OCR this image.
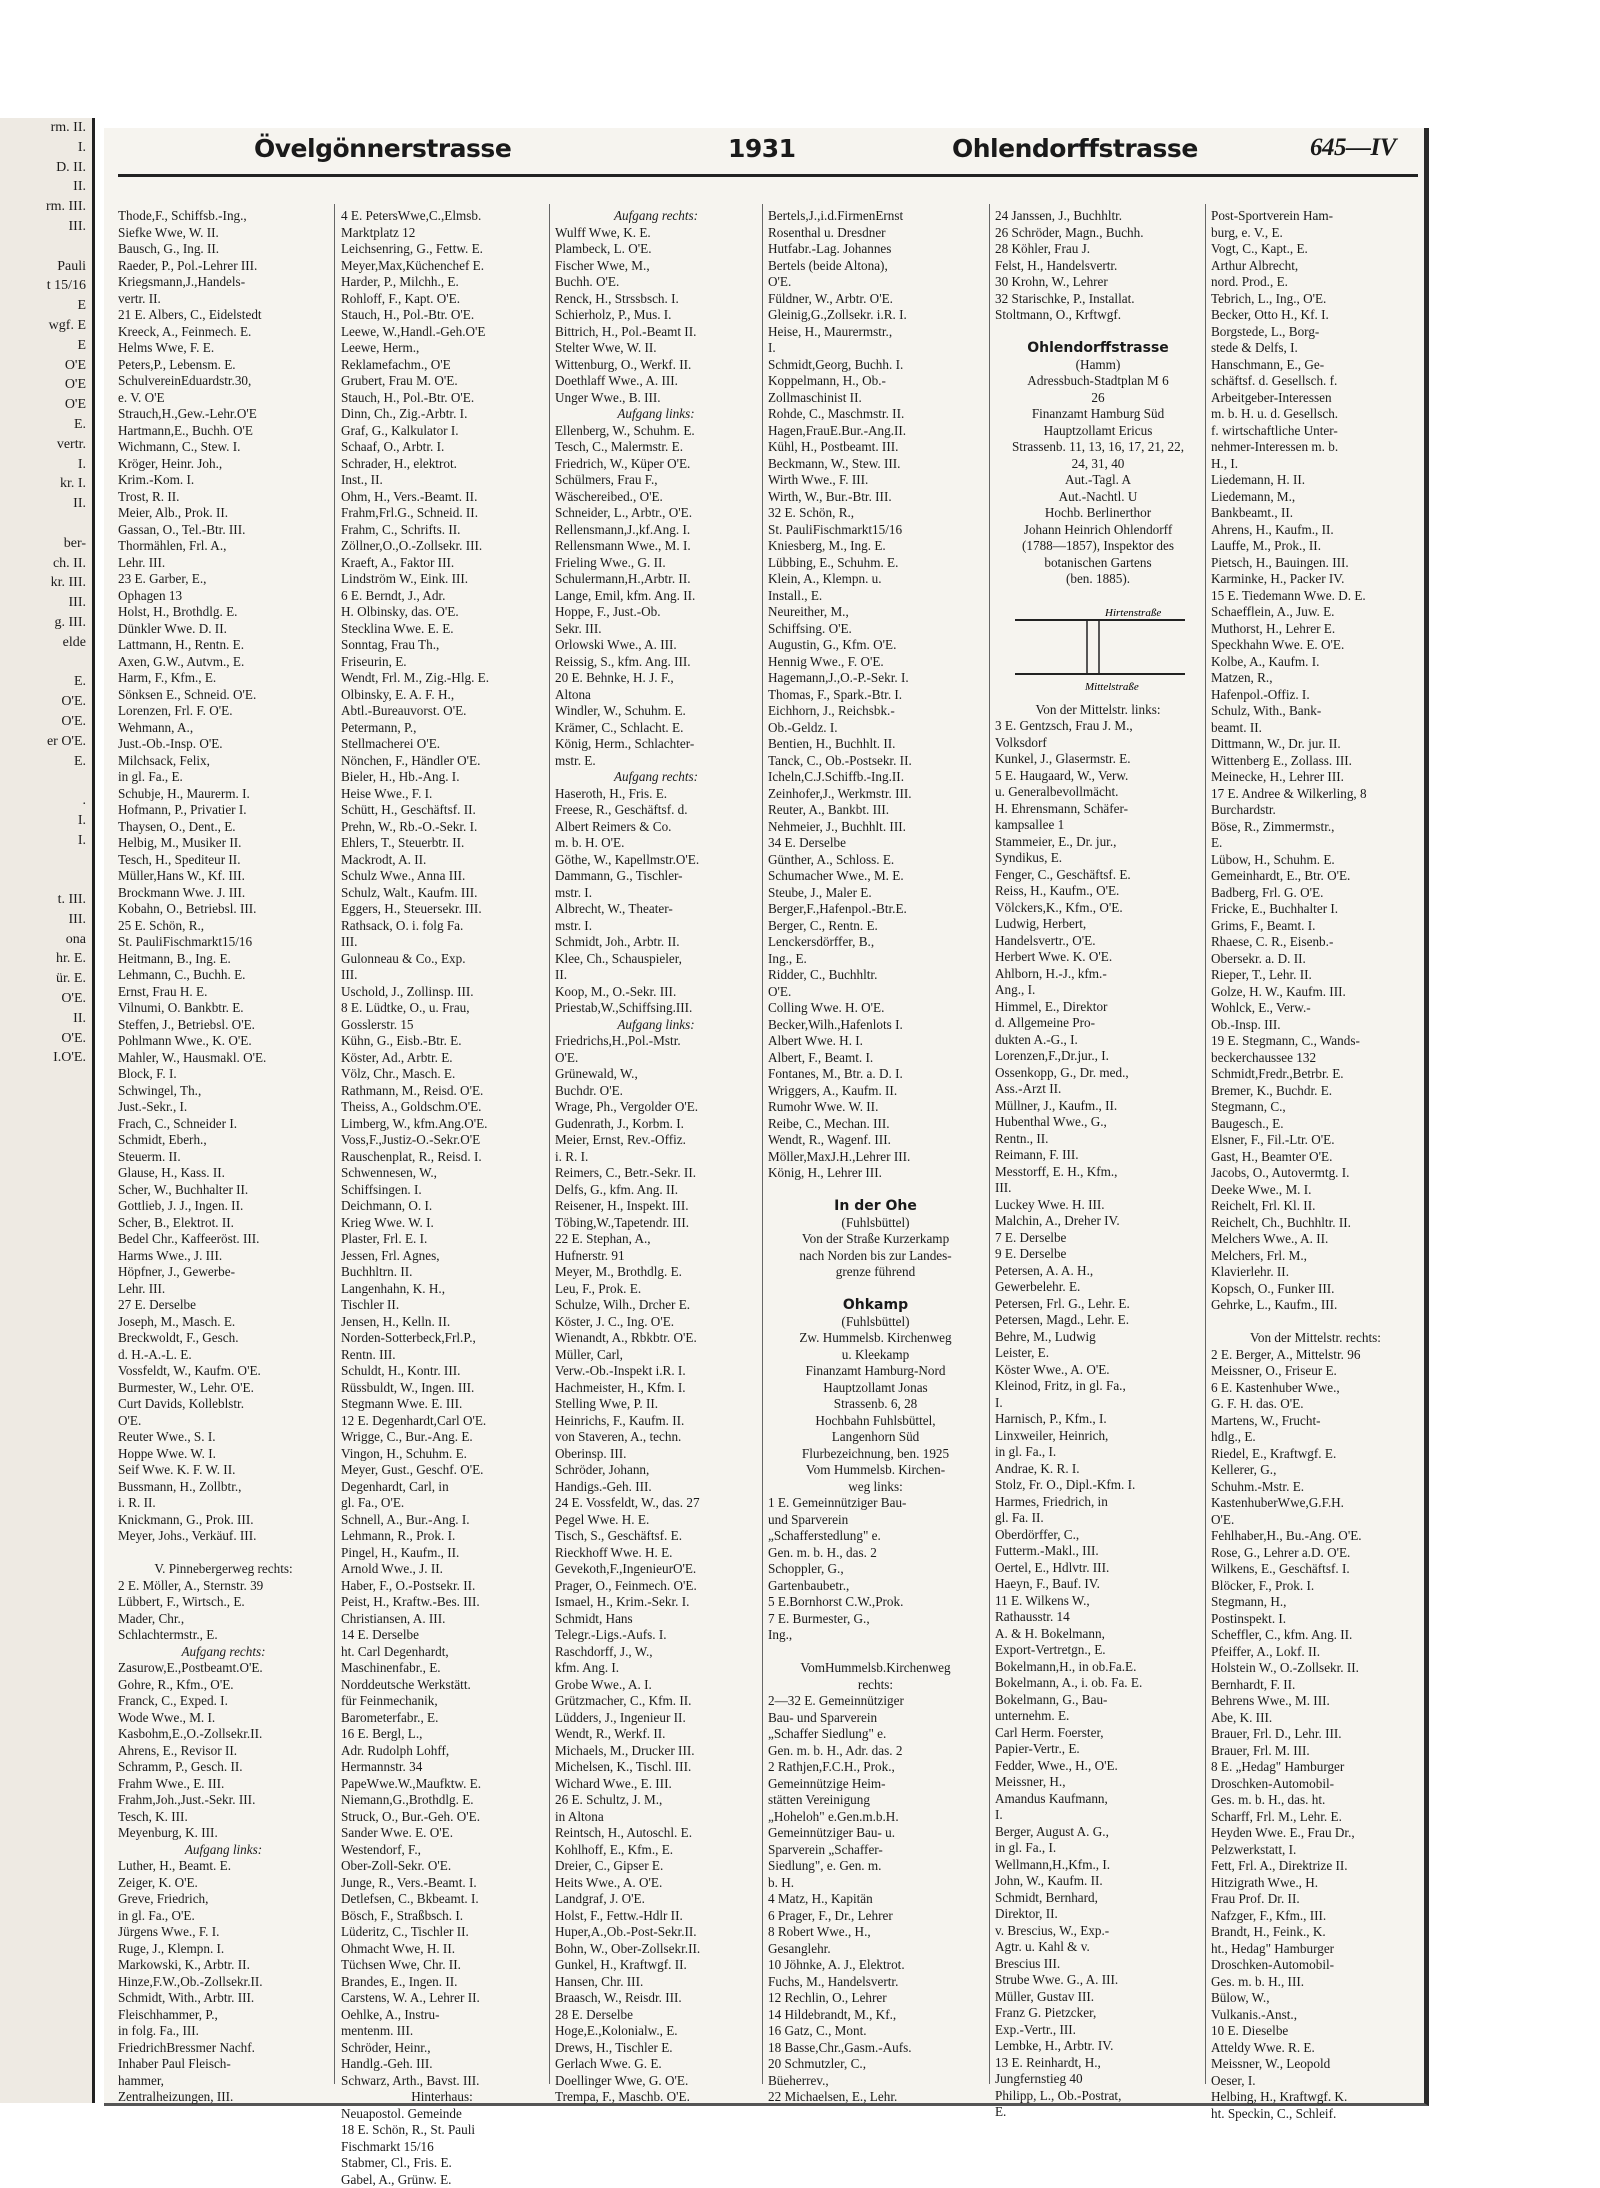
rm. II.
I.
D. II.
II.
rm. III.
III.

Pauli
t 15/16
E
wgf. E
E
O'E
O'E
O'E
E.
vertr.
I.
kr. I.
II.

ber-
ch. II.
kr. III.
III.
g. III.
elde

E.
O'E.
O'E.
er O'E.
E.

.
I.
I.

t. III.
III.
ona
hr. E.
ür. E.
O'E.
II.
O'E.
I.O'E.
Övelgönnerstrasse	1931	Ohlendorffstrasse	645—IV
Thode,F., Schiffsb.-Ing.,
Siefke Wwe, W. II.
Bausch, G., Ing. II.
Raeder, P., Pol.-Lehrer III.
Kriegsmann,J.,Handels-
vertr. II.
21 E. Albers, C., Eidelstedt
Kreeck, A., Feinmech. E.
Helms Wwe, F. E.
Peters,P., Lebensm. E.
SchulvereinEduardstr.30,
e. V. O'E
Strauch,H.,Gew.-Lehr.O'E
Hartmann,E., Buchh. O'E
Wichmann, C., Stew. I.
Kröger, Heinr. Joh.,
Krim.-Kom. I.
Trost, R. II.
Meier, Alb., Prok. II.
Gassan, O., Tel.-Btr. III.
Thormählen, Frl. A.,
Lehr. III.
23 E. Garber, E.,
Ophagen 13
Holst, H., Brothdlg. E.
Dünkler Wwe. D. II.
Lattmann, H., Rentn. E.
Axen, G.W., Autvm., E.
Harm, F., Kfm., E.
Sönksen E., Schneid. O'E.
Lorenzen, Frl. F. O'E.
Wehmann, A.,
Just.-Ob.-Insp. O'E.
Milchsack, Felix,
in gl. Fa., E.
Schubje, H., Maurerm. I.
Hofmann, P., Privatier I.
Thaysen, O., Dent., E.
Helbig, M., Musiker II.
Tesch, H., Spediteur II.
Müller,Hans W., Kf. III.
Brockmann Wwe. J. III.
Kobahn, O., Betriebsl. III.
25 E. Schön, R.,
St. PauliFischmarkt15/16
Heitmann, B., Ing. E.
Lehmann, C., Buchh. E.
Ernst, Frau H. E.
Vilnumi, O. Bankbtr. E.
Steffen, J., Betriebsl. O'E.
Pohlmann Wwe., K. O'E.
Mahler, W., Hausmakl. O'E.
Block, F. I.
Schwingel, Th.,
Just.-Sekr., I.
Frach, C., Schneider I.
Schmidt, Eberh.,
Steuerm. II.
Glause, H., Kass. II.
Scher, W., Buchhalter II.
Gottlieb, J. J., Ingen. II.
Scher, B., Elektrot. II.
Bedel Chr., Kaffeeröst. III.
Harms Wwe., J. III.
Höpfner, J., Gewerbe-
Lehr. III.
27 E. Derselbe
Joseph, M., Masch. E.
Breckwoldt, F., Gesch.
d. H.-A.-L. E.
Vossfeldt, W., Kaufm. O'E.
Burmester, W., Lehr. O'E.
Curt Davids, Kolleblstr.
O'E.
Reuter Wwe., S. I.
Hoppe Wwe. W. I.
Seif Wwe. K. F. W. II.
Bussmann, H., Zollbtr.,
i. R. II.
Knickmann, G., Prok. III.
Meyer, Johs., Verkäuf. III.

V. Pinnebergerweg rechts:
2 E. Möller, A., Sternstr. 39
Lübbert, F., Wirtsch., E.
Mader, Chr.,
Schlachtermstr., E.
Aufgang rechts:
Zasurow,E.,Postbeamt.O'E.
Gohre, R., Kfm., O'E.
Franck, C., Exped. I.
Wode Wwe., M. I.
Kasbohm,E.,O.-Zollsekr.II.
Ahrens, E., Revisor II.
Schramm, P., Gesch. II.
Frahm Wwe., E. III.
Frahm,Joh.,Just.-Sekr. III.
Tesch, K. III.
Meyenburg, K. III.
Aufgang links:
Luther, H., Beamt. E.
Zeiger, K. O'E.
Greve, Friedrich,
in gl. Fa., O'E.
Jürgens Wwe., F. I.
Ruge, J., Klempn. I.
Markowski, K., Arbtr. II.
Hinze,F.W.,Ob.-Zollsekr.II.
Schmidt, With., Arbtr. III.
Fleischhammer, P.,
in folg. Fa., III.
FriedrichBressmer Nachf.
Inhaber Paul Fleisch-
hammer,
Zentralheizungen, III.
4 E. PetersWwe,C.,Elmsb.
Marktplatz 12
Leichsenring, G., Fettw. E.
Meyer,Max,Küchenchef E.
Harder, P., Milchh., E.
Rohloff, F., Kapt. O'E.
Stauch, H., Pol.-Btr. O'E.
Leewe, W.,Handl.-Geh.O'E
Leewe, Herm.,
Reklamefachm., O'E
Grubert, Frau M. O'E.
Stauch, H., Pol.-Btr. O'E.
Dinn, Ch., Zig.-Arbtr. I.
Graf, G., Kalkulator I.
Schaaf, O., Arbtr. I.
Schrader, H., elektrot.
Inst., II.
Ohm, H., Vers.-Beamt. II.
Frahm,Frl.G., Schneid. II.
Frahm, C., Schrifts. II.
Zöllner,O.,O.-Zollsekr. III.
Kraeft, A., Faktor III.
Lindström W., Eink. III.
6 E. Berndt, J., Adr.
H. Olbinsky, das. O'E.
Stecklina Wwe. E. E.
Sonntag, Frau Th.,
Friseurin, E.
Wendt, Frl. M., Zig.-Hlg. E.
Olbinsky, E. A. F. H.,
Abtl.-Bureauvorst. O'E.
Petermann, P.,
Stellmacherei O'E.
Nönchen, F., Händler O'E.
Bieler, H., Hb.-Ang. I.
Heise Wwe., F. I.
Schütt, H., Geschäftsf. II.
Prehn, W., Rb.-O.-Sekr. I.
Ehlers, T., Steuerbtr. II.
Mackrodt, A. II.
Schulz Wwe., Anna III.
Schulz, Walt., Kaufm. III.
Eggers, H., Steuersekr. III.
Rathsack, O. i. folg Fa.
III.
Gulonneau & Co., Exp.
III.
Uschold, J., Zollinsp. III.
8 E. Lüdtke, O., u. Frau,
Gosslerstr. 15
Kühn, G., Eisb.-Btr. E.
Köster, Ad., Arbtr. E.
Völz, Chr., Masch. E.
Rathmann, M., Reisd. O'E.
Theiss, A., Goldschm.O'E.
Limberg, W., kfm.Ang.O'E.
Voss,F.,Justiz-O.-Sekr.O'E
Rauschenplat, R., Reisd. I.
Schwennesen, W.,
Schiffsingen. I.
Deichmann, O. I.
Krieg Wwe. W. I.
Plaster, Frl. E. I.
Jessen, Frl. Agnes,
Buchhltrn. II.
Langenhahn, K. H.,
Tischler II.
Jensen, H., Kelln. II.
Norden-Sotterbeck,Frl.P.,
Rentn. III.
Schuldt, H., Kontr. III.
Rüssbuldt, W., Ingen. III.
Stegmann Wwe. E. III.
12 E. Degenhardt,Carl O'E.
Wrigge, C., Bur.-Ang. E.
Vingon, H., Schuhm. E.
Meyer, Gust., Geschf. O'E.
Degenhardt, Carl, in
gl. Fa., O'E.
Schnell, A., Bur.-Ang. I.
Lehmann, R., Prok. I.
Pingel, H., Kaufm., II.
Arnold Wwe., J. II.
Haber, F., O.-Postsekr. II.
Peist, H., Kraftw.-Bes. III.
Christiansen, A. III.
14 E. Derselbe
ht. Carl Degenhardt,
Maschinenfabr., E.
Norddeutsche Werkstätt.
für Feinmechanik,
Barometerfabr., E.
16 E. Bergl, L.,
Adr. Rudolph Lohff,
Hermannstr. 34
PapeWwe.W.,Maufktw. E.
Niemann,G.,Brothdlg. E.
Struck, O., Bur.-Geh. O'E.
Sander Wwe. E. O'E.
Westendorf, F.,
Ober-Zoll-Sekr. O'E.
Junge, R., Vers.-Beamt. I.
Detlefsen, C., Bkbeamt. I.
Bösch, F., Straßbsch. I.
Lüderitz, C., Tischler II.
Ohmacht Wwe, H. II.
Tüchsen Wwe, Chr. II.
Brandes, E., Ingen. II.
Carstens, W. A., Lehrer II.
Oehlke, A., Instru-
mentenm. III.
Schröder, Heinr.,
Handlg.-Geh. III.
Schwarz, Arth., Bavst. III.
Hinterhaus:
Neuapostol. Gemeinde
18 E. Schön, R., St. Pauli
Fischmarkt 15/16
Stabmer, Cl., Fris. E.
Gabel, A., Grünw. E.
Aufgang rechts:
Wulff Wwe, K. E.
Plambeck, L. O'E.
Fischer Wwe, M.,
Buchh. O'E.
Renck, H., Strssbsch. I.
Schierholz, P., Mus. I.
Bittrich, H., Pol.-Beamt II.
Stelter Wwe, W. II.
Wittenburg, O., Werkf. II.
Doethlaff Wwe., A. III.
Unger Wwe., B. III.
Aufgang links:
Ellenberg, W., Schuhm. E.
Tesch, C., Malermstr. E.
Friedrich, W., Küper O'E.
Schülmers, Frau F.,
Wäschereibed., O'E.
Schneider, L., Arbtr., O'E.
Rellensmann,J.,kf.Ang. I.
Rellensmann Wwe., M. I.
Frieling Wwe., G. II.
Schulermann,H.,Arbtr. II.
Lange, Emil, kfm. Ang. II.
Hoppe, F., Just.-Ob.
Sekr. III.
Orlowski Wwe., A. III.
Reissig, S., kfm. Ang. III.
20 E. Behnke, H. J. F.,
Altona
Windler, W., Schuhm. E.
Krämer, C., Schlacht. E.
König, Herm., Schlachter-
mstr. E.
Aufgang rechts:
Haseroth, H., Fris. E.
Freese, R., Geschäftsf. d.
Albert Reimers & Co.
m. b. H. O'E.
Göthe, W., Kapellmstr.O'E.
Dammann, G., Tischler-
mstr. I.
Albrecht, W., Theater-
mstr. I.
Schmidt, Joh., Arbtr. II.
Klee, Ch., Schauspieler,
II.
Koop, M., O.-Sekr. III.
Priestab,W.,Schiffsing.III.
Aufgang links:
Friedrichs,H.,Pol.-Mstr.
O'E.
Grünewald, W.,
Buchdr. O'E.
Wrage, Ph., Vergolder O'E.
Gudenrath, J., Korbm. I.
Meier, Ernst, Rev.-Offiz.
i. R. I.
Reimers, C., Betr.-Sekr. II.
Delfs, G., kfm. Ang. II.
Reisener, H., Inspekt. III.
Töbing,W.,Tapetendr. III.
22 E. Stephan, A.,
Hufnerstr. 91
Meyer, M., Brothdlg. E.
Leu, F., Prok. E.
Schulze, Wilh., Drcher E.
Köster, J. C., Ing. O'E.
Wienandt, A., Rbkbtr. O'E.
Müller, Carl,
Verw.-Ob.-Inspekt i.R. I.
Hachmeister, H., Kfm. I.
Stelling Wwe, P. II.
Heinrichs, F., Kaufm. II.
von Staveren, A., techn.
Oberinsp. III.
Schröder, Johann,
Handigs.-Geh. III.
24 E. Vossfeldt, W., das. 27
Pegel Wwe. H. E.
Tisch, S., Geschäftsf. E.
Rieckhoff Wwe. H. E.
Gevekoth,F.,IngenieurO'E.
Prager, O., Feinmech. O'E.
Ismael, H., Krim.-Sekr. I.
Schmidt, Hans
Telegr.-Ligs.-Aufs. I.
Raschdorff, J., W.,
kfm. Ang. I.
Grobe Wwe., A. I.
Grützmacher, C., Kfm. II.
Lüdders, J., Ingenieur II.
Wendt, R., Werkf. II.
Michaels, M., Drucker III.
Michelsen, K., Tischl. III.
Wichard Wwe., E. III.
26 E. Schultz, J. M.,
in Altona
Reintsch, H., Autoschl. E.
Kohlhoff, E., Kfm., E.
Dreier, C., Gipser E.
Heits Wwe., A. O'E.
Landgraf, J. O'E.
Holst, F., Fettw.-Hdlr II.
Huper,A.,Ob.-Post-Sekr.II.
Bohn, W., Ober-Zollsekr.II.
Gunkel, H., Kraftwgf. II.
Hansen, Chr. III.
Braasch, W., Reisdr. III.
28 E. Derselbe
Hoge,E.,Kolonialw., E.
Drews, H., Tischler E.
Gerlach Wwe. G. E.
Doellinger Wwe, G. O'E.
Trempa, F., Maschb. O'E.
Bertels,J.,i.d.FirmenErnst
Rosenthal u. Dresdner
Hutfabr.-Lag. Johannes
Bertels (beide Altona),
O'E.
Füldner, W., Arbtr. O'E.
Gleinig,G.,Zollsekr. i.R. I.
Heise, H., Maurermstr.,
I.
Schmidt,Georg, Buchh. I.
Koppelmann, H., Ob.-
Zollmaschinist II.
Rohde, C., Maschmstr. II.
Hagen,FrauE.Bur.-Ang.II.
Kühl, H., Postbeamt. III.
Beckmann, W., Stew. III.
Wirth Wwe., F. III.
Wirth, W., Bur.-Btr. III.
32 E. Schön, R.,
St. PauliFischmarkt15/16
Kniesberg, M., Ing. E.
Lübbing, E., Schuhm. E.
Klein, A., Klempn. u.
Install., E.
Neureither, M.,
Schiffsing. O'E.
Augustin, G., Kfm. O'E.
Hennig Wwe., F. O'E.
Hagemann,J.,O.-P.-Sekr. I.
Thomas, F., Spark.-Btr. I.
Eichhorn, J., Reichsbk.-
Ob.-Geldz. I.
Bentien, H., Buchhlt. II.
Tanck, C., Ob.-Postsekr. II.
Icheln,C.J.Schiffb.-Ing.II.
Zeinhofer,J., Werkmstr. III.
Reuter, A., Bankbt. III.
Nehmeier, J., Buchhlt. III.
34 E. Derselbe
Günther, A., Schloss. E.
Schumacher Wwe., M. E.
Steube, J., Maler E.
Berger,F.,Hafenpol.-Btr.E.
Berger, C., Rentn. E.
Lenckersdörffer, B.,
Ing., E.
Ridder, C., Buchhltr.
O'E.
Colling Wwe. H. O'E.
Becker,Wilh.,Hafenlots I.
Albert Wwe. H. I.
Albert, F., Beamt. I.
Fontanes, M., Btr. a. D. I.
Wriggers, A., Kaufm. II.
Rumohr Wwe. W. II.
Reibe, C., Mechan. III.
Wendt, R., Wagenf. III.
Möller,MaxJ.H.,Lehrer III.
König, H., Lehrer III.

In der Ohe
(Fuhlsbüttel)
Von der Straße Kurzerkamp
nach Norden bis zur Landes-
grenze führend

Ohkamp
(Fuhlsbüttel)
Zw. Hummelsb. Kirchenweg
u. Kleekamp
Finanzamt Hamburg-Nord
Hauptzollamt Jonas
Strassenb. 6, 28
Hochbahn Fuhlsbüttel,
Langenhorn Süd
Flurbezeichnung, ben. 1925
Vom Hummelsb. Kirchen-
weg links:
1 E. Gemeinnütziger Bau-
und Sparverein
„Schafferstedlung" e.
Gen. m. b. H., das. 2
Schoppler, G.,
Gartenbaubetr.,
5 E.Bornhorst C.W.,Prok.
7 E. Burmester, G.,
Ing.,

VomHummelsb.Kirchenweg
rechts:
2—32 E. Gemeinnütziger
Bau- und Sparverein
„Schaffer Siedlung" e.
Gen. m. b. H., Adr. das. 2
2 Rathjen,F.C.H., Prok.,
Gemeinnützige Heim-
stätten Vereinigung
„Hoheloh" e.Gen.m.b.H.
Gemeinnütziger Bau- u.
Sparverein „Schaffer-
Siedlung", e. Gen. m.
b. H.
4 Matz, H., Kapitän
6 Prager, F., Dr., Lehrer
8 Robert Wwe., H.,
Gesanglehr.
10 Jöhnke, A. J., Elektrot.
Fuchs, M., Handelsvertr.
12 Rechlin, O., Lehrer
14 Hildebrandt, M., Kf.,
16 Gatz, C., Mont.
18 Basse,Chr.,Gasm.-Aufs.
20 Schmutzler, C.,
Büeherrev.,
22 Michaelsen, E., Lehr.
24 Janssen, J., Buchhltr.
26 Schröder, Magn., Buchh.
28 Köhler, Frau J.
Felst, H., Handelsvertr.
30 Krohn, W., Lehrer
32 Starischke, P., Installat.
Stoltmann, O., Krftwgf.

Ohlendorffstrasse
(Hamm)
Adressbuch-Stadtplan M 6
26
Finanzamt Hamburg Süd
Hauptzollamt Ericus
Strassenb. 11, 13, 16, 17, 21, 22,
24, 31, 40
Aut.-Tagl. A
Aut.-Nachtl. U
Hochb. Berlinerthor
Johann Heinrich Ohlendorff
(1788—1857), Inspektor des
botanischen Gartens
(ben. 1885).
Hirtenstraße
Mittelstraße
Von der Mittelstr. links:
3 E. Gentzsch, Frau J. M.,
Volksdorf
Kunkel, J., Glasermstr. E.
5 E. Haugaard, W., Verw.
u. Generalbevollmächt.
H. Ehrensmann, Schäfer-
kampsallee 1
Stammeier, E., Dr. jur.,
Syndikus, E.
Fenger, C., Geschäftsf. E.
Reiss, H., Kaufm., O'E.
Völckers,K., Kfm., O'E.
Ludwig, Herbert,
Handelsvertr., O'E.
Herbert Wwe. K. O'E.
Ahlborn, H.-J., kfm.-
Ang., I.
Himmel, E., Direktor
d. Allgemeine Pro-
dukten A.-G., I.
Lorenzen,F.,Dr.jur., I.
Ossenkopp, G., Dr. med.,
Ass.-Arzt II.
Müllner, J., Kaufm., II.
Hubenthal Wwe., G.,
Rentn., II.
Reimann, F. III.
Messtorff, E. H., Kfm.,
III.
Luckey Wwe. H. III.
Malchin, A., Dreher IV.
7 E. Derselbe
9 E. Derselbe
Petersen, A. A. H.,
Gewerbelehr. E.
Petersen, Frl. G., Lehr. E.
Petersen, Magd., Lehr. E.
Behre, M., Ludwig
Leister, E.
Köster Wwe., A. O'E.
Kleinod, Fritz, in gl. Fa.,
I.
Harnisch, P., Kfm., I.
Linxweiler, Heinrich,
in gl. Fa., I.
Andrae, K. R. I.
Stolz, Fr. O., Dipl.-Kfm. I.
Harmes, Friedrich, in
gl. Fa. II.
Oberdörffer, C.,
Futterm.-Makl., III.
Oertel, E., Hdlvtr. III.
Haeyn, F., Bauf. IV.
11 E. Wilkens W.,
Rathausstr. 14
A. & H. Bokelmann,
Export-Vertretgn., E.
Bokelmann,H., in ob.Fa.E.
Bokelmann, A., i. ob. Fa. E.
Bokelmann, G., Bau-
unternehm. E.
Carl Herm. Foerster,
Papier-Vertr., E.
Fedder, Wwe., H., O'E.
Meissner, H.,
Amandus Kaufmann,
I.
Berger, August A. G.,
in gl. Fa., I.
Wellmann,H.,Kfm., I.
John, W., Kaufm. II.
Schmidt, Bernhard,
Direktor, II.
v. Brescius, W., Exp.-
Agtr. u. Kahl & v.
Brescius III.
Strube Wwe. G., A. III.
Müller, Gustav III.
Franz G. Pietzcker,
Exp.-Vertr., III.
Lembke, H., Arbtr. IV.
13 E. Reinhardt, H.,
Jungfernstieg 40
Philipp, L., Ob.-Postrat,
E.
Post-Sportverein Ham-
burg, e. V., E.
Vogt, C., Kapt., E.
Arthur Albrecht,
nord. Prod., E.
Tebrich, L., Ing., O'E.
Becker, Otto H., Kf. I.
Borgstede, L., Borg-
stede & Delfs, I.
Hanschmann, E., Ge-
schäftsf. d. Gesellsch. f.
Arbeitgeber-Interessen
m. b. H. u. d. Gesellsch.
f. wirtschaftliche Unter-
nehmer-Interessen m. b.
H., I.
Liedemann, H. II.
Liedemann, M.,
Bankbeamt., II.
Ahrens, H., Kaufm., II.
Lauffe, M., Prok., II.
Pietsch, H., Bauingen. III.
Karminke, H., Packer IV.
15 E. Tiedemann Wwe. D. E.
Schaefflein, A., Juw. E.
Muthorst, H., Lehrer E.
Speckhahn Wwe. E. O'E.
Kolbe, A., Kaufm. I.
Matzen, R.,
Hafenpol.-Offiz. I.
Schulz, With., Bank-
beamt. II.
Dittmann, W., Dr. jur. II.
Wittenberg E., Zollass. III.
Meinecke, H., Lehrer III.
17 E. Andree & Wilkerling, 8
Burchardstr.
Böse, R., Zimmermstr.,
E.
Lübow, H., Schuhm. E.
Gemeinhardt, E., Btr. O'E.
Badberg, Frl. G. O'E.
Fricke, E., Buchhalter I.
Grims, F., Beamt. I.
Rhaese, C. R., Eisenb.-
Obersekr. a. D. II.
Rieper, T., Lehr. II.
Golze, H. W., Kaufm. III.
Wohlck, E., Verw.-
Ob.-Insp. III.
19 E. Stegmann, C., Wands-
beckerchaussee 132
Schmidt,Fredr.,Betrbr. E.
Bremer, K., Buchdr. E.
Stegmann, C.,
Baugesch., E.
Elsner, F., Fil.-Ltr. O'E.
Gast, H., Beamter O'E.
Jacobs, O., Autovermtg. I.
Deeke Wwe., M. I.
Reichelt, Frl. Kl. II.
Reichelt, Ch., Buchhltr. II.
Melchers Wwe., A. II.
Melchers, Frl. M.,
Klavierlehr. II.
Kopsch, O., Funker III.
Gehrke, L., Kaufm., III.

Von der Mittelstr. rechts:
2 E. Berger, A., Mittelstr. 96
Meissner, O., Friseur E.
6 E. Kastenhuber Wwe.,
G. F. H. das. O'E.
Martens, W., Frucht-
hdlg., E.
Riedel, E., Kraftwgf. E.
Kellerer, G.,
Schuhm.-Mstr. E.
KastenhuberWwe,G.F.H.
O'E.
Fehlhaber,H., Bu.-Ang. O'E.
Rose, G., Lehrer a.D. O'E.
Wilkens, E., Geschäftsf. I.
Blöcker, F., Prok. I.
Stegmann, H.,
Postinspekt. I.
Scheffler, C., kfm. Ang. II.
Pfeiffer, A., Lokf. II.
Holstein W., O.-Zollsekr. II.
Bernhardt, F. II.
Behrens Wwe., M. III.
Abe, K. III.
Brauer, Frl. D., Lehr. III.
Brauer, Frl. M. III.
8 E. „Hedag" Hamburger
Droschken-Automobil-
Ges. m. b. H., das. ht.
Scharff, Frl. M., Lehr. E.
Heyden Wwe. E., Frau Dr.,
Pelzwerkstatt, I.
Fett, Frl. A., Direktrize II.
Hitzigrath Wwe., H.
Frau Prof. Dr. II.
Nafzger, F., Kfm., III.
Brandt, H., Feink., K.
ht., Hedag" Hamburger
Droschken-Automobil-
Ges. m. b. H., III.
Bülow, W.,
Vulkanis.-Anst.,
10 E. Dieselbe
Atteldy Wwe. R. E.
Meissner, W., Leopold
Oeser, I.
Helbing, H., Kraftwgf. K.
ht. Speckin, C., Schleif.
